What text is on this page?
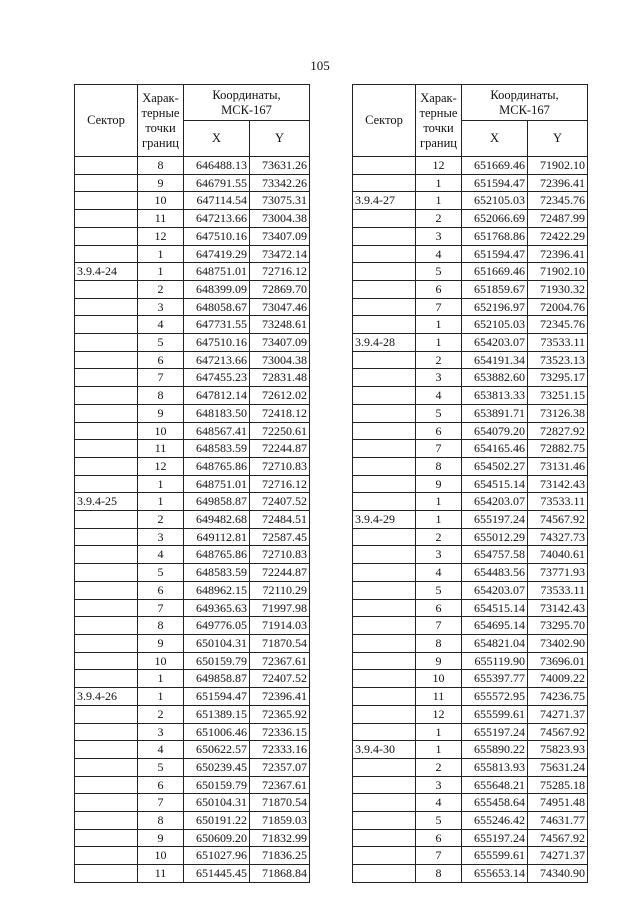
105
Сектор	Харак-
терные
точки
границ	Координаты,
МСК-167	
		X	Y
	8	646488.13	73631.26
	9	646791.55	73342.26
	10	647114.54	73075.31
	11	647213.66	73004.38
	12	647510.16	73407.09
	1	647419.29	73472.14
3.9.4-24	1	648751.01	72716.12
	2	648399.09	72869.70
	3	648058.67	73047.46
	4	647731.55	73248.61
	5	647510.16	73407.09
	6	647213.66	73004.38
	7	647455.23	72831.48
	8	647812.14	72612.02
	9	648183.50	72418.12
	10	648567.41	72250.61
	11	648583.59	72244.87
	12	648765.86	72710.83
	1	648751.01	72716.12
3.9.4-25	1	649858.87	72407.52
	2	649482.68	72484.51
	3	649112.81	72587.45
	4	648765.86	72710.83
	5	648583.59	72244.87
	6	648962.15	72110.29
	7	649365.63	71997.98
	8	649776.05	71914.03
	9	650104.31	71870.54
	10	650159.79	72367.61
	1	649858.87	72407.52
3.9.4-26	1	651594.47	72396.41
	2	651389.15	72365.92
	3	651006.46	72336.15
	4	650622.57	72333.16
	5	650239.45	72357.07
	6	650159.79	72367.61
	7	650104.31	71870.54
	8	650191.22	71859.03
	9	650609.20	71832.99
	10	651027.96	71836.25
	11	651445.45	71868.84
Сектор	Харак-
терные
точки
границ	Координаты,
МСК-167	
		X	Y
	12	651669.46	71902.10
	1	651594.47	72396.41
3.9.4-27	1	652105.03	72345.76
	2	652066.69	72487.99
	3	651768.86	72422.29
	4	651594.47	72396.41
	5	651669.46	71902.10
	6	651859.67	71930.32
	7	652196.97	72004.76
	1	652105.03	72345.76
3.9.4-28	1	654203.07	73533.11
	2	654191.34	73523.13
	3	653882.60	73295.17
	4	653813.33	73251.15
	5	653891.71	73126.38
	6	654079.20	72827.92
	7	654165.46	72882.75
	8	654502.27	73131.46
	9	654515.14	73142.43
	1	654203.07	73533.11
3.9.4-29	1	655197.24	74567.92
	2	655012.29	74327.73
	3	654757.58	74040.61
	4	654483.56	73771.93
	5	654203.07	73533.11
	6	654515.14	73142.43
	7	654695.14	73295.70
	8	654821.04	73402.90
	9	655119.90	73696.01
	10	655397.77	74009.22
	11	655572.95	74236.75
	12	655599.61	74271.37
	1	655197.24	74567.92
3.9.4-30	1	655890.22	75823.93
	2	655813.93	75631.24
	3	655648.21	75285.18
	4	655458.64	74951.48
	5	655246.42	74631.77
	6	655197.24	74567.92
	7	655599.61	74271.37
	8	655653.14	74340.90
